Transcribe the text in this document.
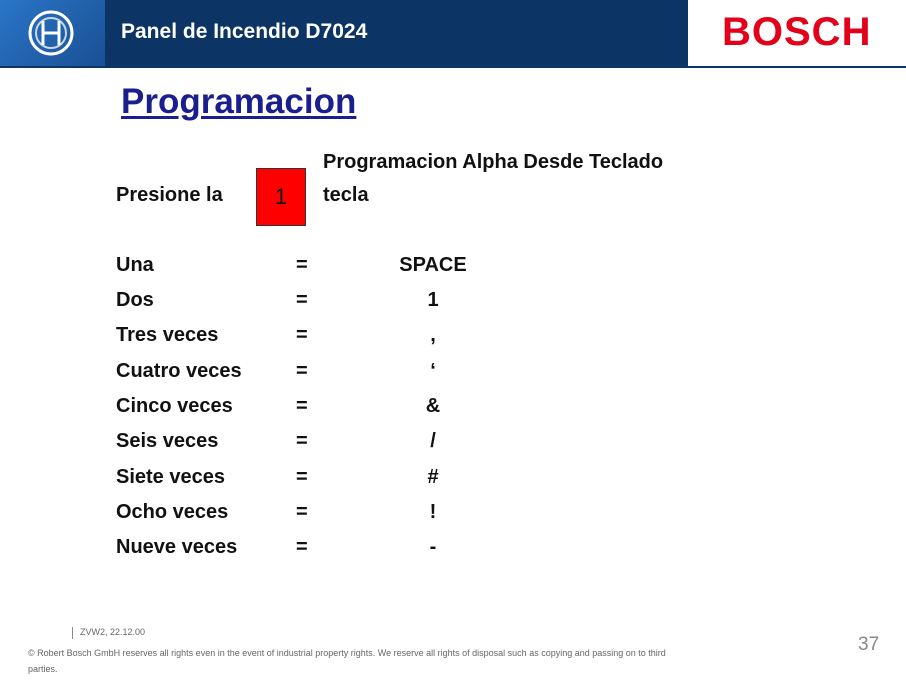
Panel de Incendio D7024	BOSCH
Programacion
Programacion Alpha Desde Teclado
Presione la	1	tecla
Una	=	SPACE
Dos	=	1
Tres veces	=	,
Cuatro veces	=	‘
Cinco veces	=	&
Seis veces	=	/
Siete veces	=	#
Ocho veces	=	!
Nueve veces	=	-
ZVW2, 22.12.00
© Robert Bosch GmbH reserves all rights even in the event of industrial property rights. We reserve all rights of disposal such as copying and passing on to third parties.
37
